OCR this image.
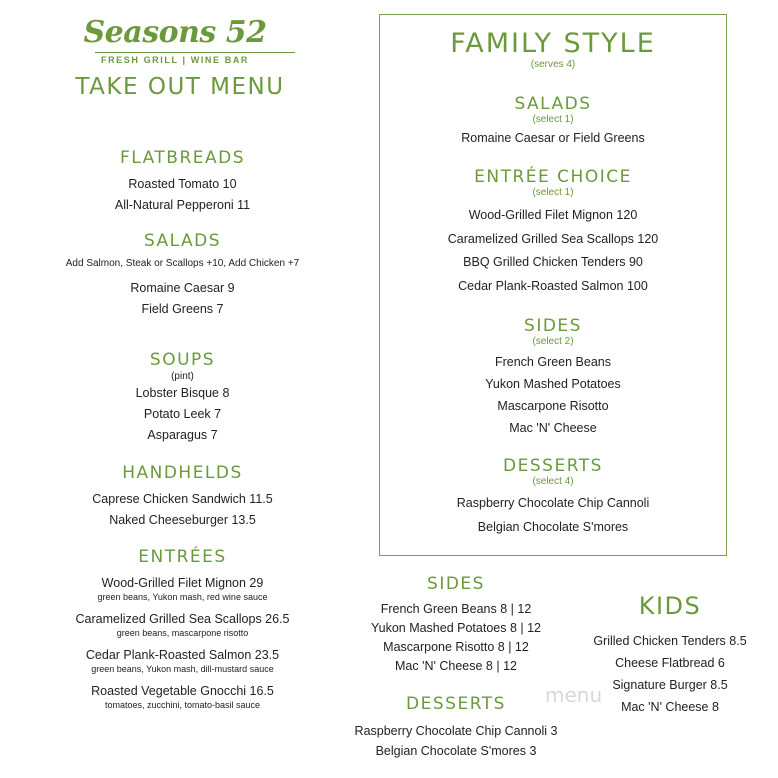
Seasons 52
FRESH GRILL | WINE BAR
TAKE OUT MENU
FLATBREADS
Roasted Tomato 10
All-Natural Pepperoni 11
SALADS
Add Salmon, Steak or Scallops +10, Add Chicken +7
Romaine Caesar 9
Field Greens 7
SOUPS
(pint)
Lobster Bisque 8
Potato Leek 7
Asparagus 7
HANDHELDS
Caprese Chicken Sandwich 11.5
Naked Cheeseburger 13.5
ENTRÉES
Wood-Grilled Filet Mignon 29
green beans, Yukon mash, red wine sauce
Caramelized Grilled Sea Scallops 26.5
green beans, mascarpone risotto
Cedar Plank-Roasted Salmon 23.5
green beans, Yukon mash, dill-mustard sauce
Roasted Vegetable Gnocchi 16.5
tomatoes, zucchini, tomato-basil sauce
FAMILY STYLE
(serves 4)
SALADS
(select 1)
Romaine Caesar or Field Greens
ENTRÉE CHOICE
(select 1)
Wood-Grilled Filet Mignon 120
Caramelized Grilled Sea Scallops 120
BBQ Grilled Chicken Tenders 90
Cedar Plank-Roasted Salmon 100
SIDES
(select 2)
French Green Beans
Yukon Mashed Potatoes
Mascarpone Risotto
Mac 'N' Cheese
DESSERTS
(select 4)
Raspberry Chocolate Chip Cannoli
Belgian Chocolate S'mores
SIDES
French Green Beans 8 | 12
Yukon Mashed Potatoes 8 | 12
Mascarpone Risotto 8 | 12
Mac 'N' Cheese 8 | 12
DESSERTS
Raspberry Chocolate Chip Cannoli 3
Belgian Chocolate S'mores 3
menu
KIDS
Grilled Chicken Tenders 8.5
Cheese Flatbread 6
Signature Burger 8.5
Mac 'N' Cheese 8
